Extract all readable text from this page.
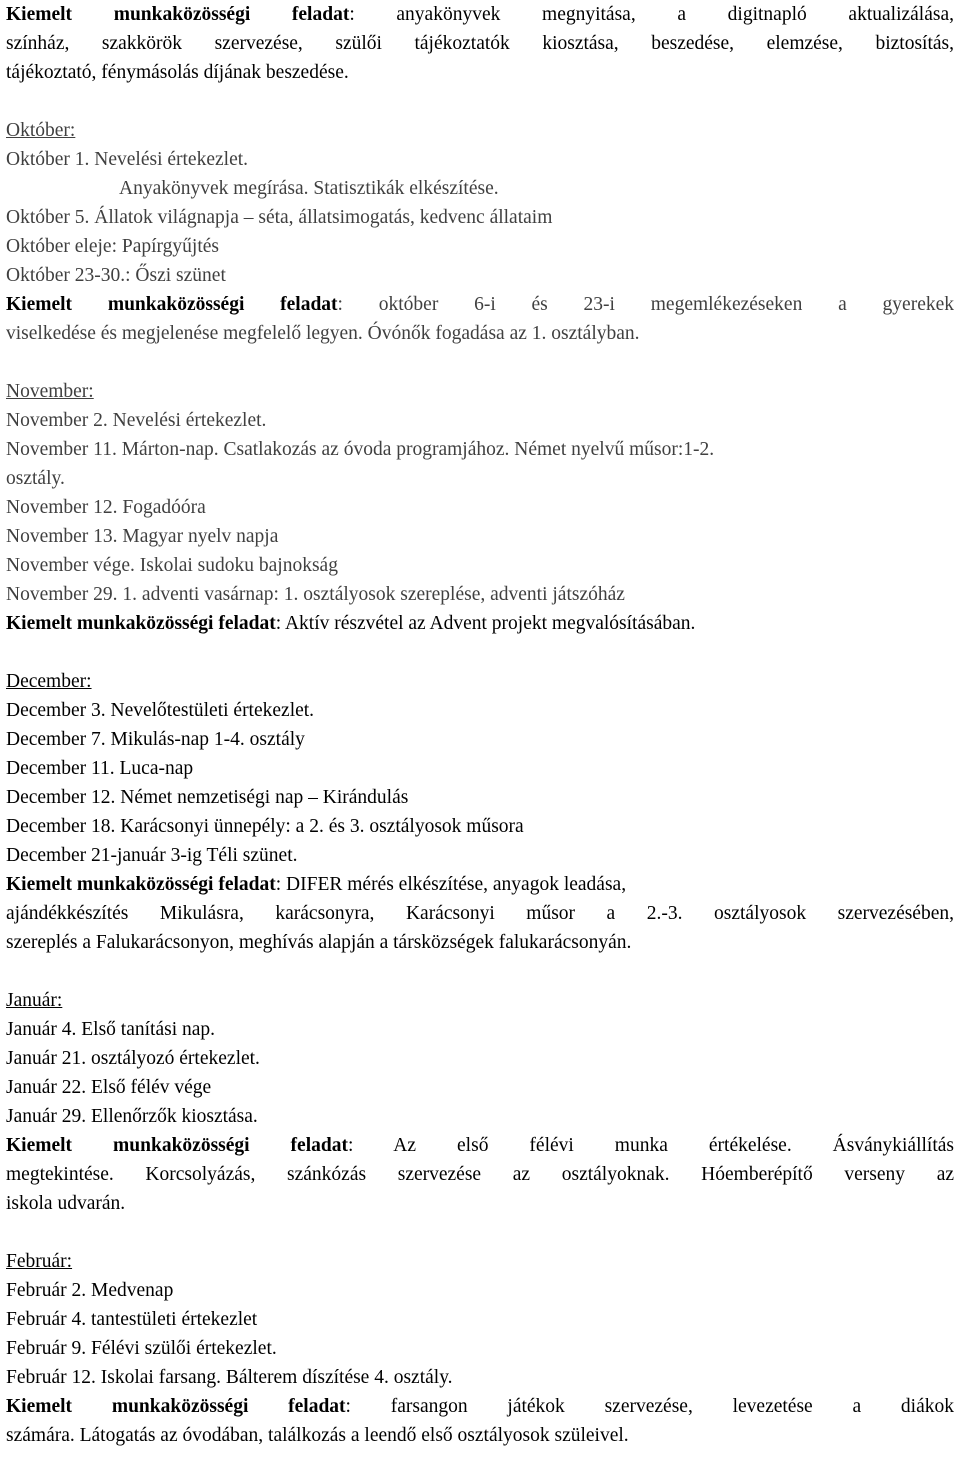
Kiemelt munkaközösségi feladat: anyakönyvek megnyitása, a digitnapló aktualizálása,
színház, szakkörök szervezése, szülői tájékoztatók kiosztása, beszedése, elemzése, biztosítás,
tájékoztató, fénymásolás díjának beszedése.
Október:
Október 1. Nevelési értekezlet.
Anyakönyvek megírása. Statisztikák elkészítése.
Október 5. Állatok világnapja – séta, állatsimogatás, kedvenc állataim
Október eleje: Papírgyűjtés
Október 23-30.: Őszi szünet
Kiemelt munkaközösségi feladat: október 6-i és 23-i megemlékezéseken a gyerekek
viselkedése és megjelenése megfelelő legyen. Óvónők fogadása az 1. osztályban.
November:
November 2. Nevelési értekezlet.
November 11. Márton-nap. Csatlakozás az óvoda programjához. Német nyelvű műsor:1-2.
osztály.
November 12. Fogadóóra
November 13. Magyar nyelv napja
November vége. Iskolai sudoku bajnokság
November 29. 1. adventi vasárnap: 1. osztályosok szereplése, adventi játszóház
Kiemelt munkaközösségi feladat: Aktív részvétel az Advent projekt megvalósításában.
December:
December 3. Nevelőtestületi értekezlet.
December 7. Mikulás-nap 1-4. osztály
December 11. Luca-nap
December 12. Német nemzetiségi nap – Kirándulás
December 18. Karácsonyi ünnepély: a 2. és 3. osztályosok műsora
December 21-január 3-ig Téli szünet.
Kiemelt munkaközösségi feladat: DIFER mérés elkészítése, anyagok leadása,
ajándékkészítés Mikulásra, karácsonyra, Karácsonyi műsor a 2.-3. osztályosok szervezésében,
szereplés a Falukarácsonyon, meghívás alapján a társközségek falukarácsonyán.
Január:
Január 4. Első tanítási nap.
Január 21. osztályozó értekezlet.
Január 22. Első félév vége
Január 29. Ellenőrzők kiosztása.
Kiemelt munkaközösségi feladat: Az első félévi munka értékelése. Ásványkiállítás
megtekintése. Korcsolyázás, szánkózás szervezése az osztályoknak. Hóemberépítő verseny az
iskola udvarán.
Február:
Február 2. Medvenap
Február 4. tantestületi értekezlet
Február 9. Félévi szülői értekezlet.
Február 12. Iskolai farsang. Bálterem díszítése 4. osztály.
Kiemelt munkaközösségi feladat: farsangon játékok szervezése, levezetése a diákok
számára. Látogatás az óvodában, találkozás a leendő első osztályosok szüleivel.
